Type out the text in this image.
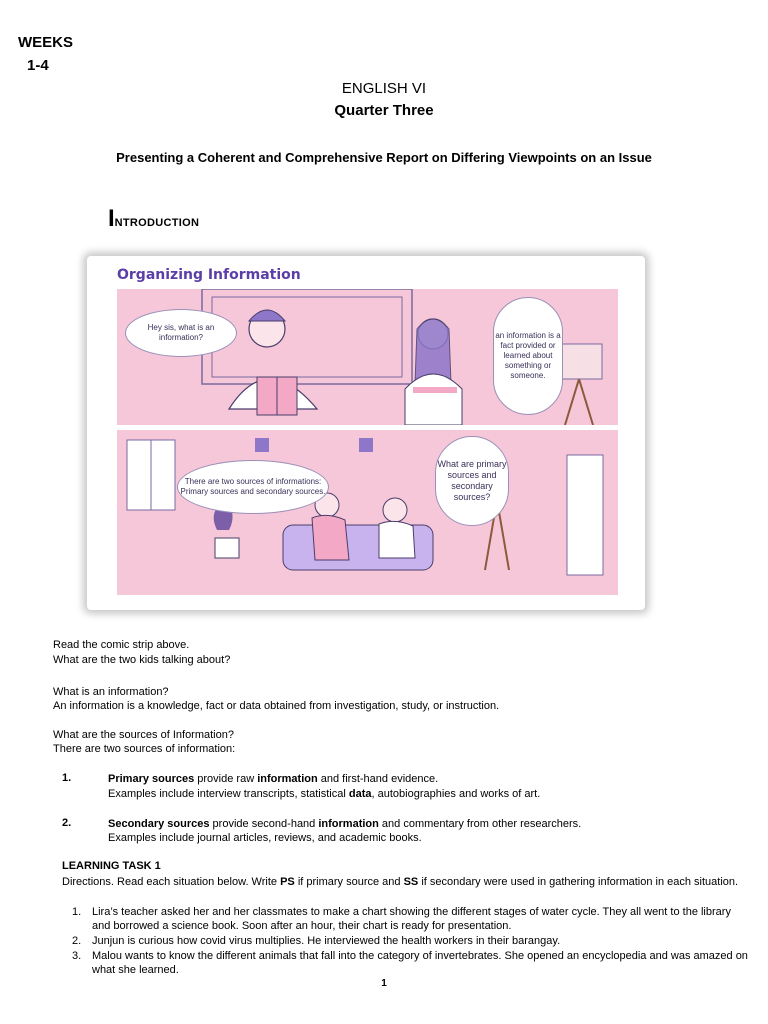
WEEKS
1-4
ENGLISH VI
Quarter Three
Presenting a Coherent and Comprehensive Report on Differing Viewpoints on an Issue
INTRODUCTION
Organizing Information
Hey sis, what is an information?	an information is a fact provided or learned about something or someone.
There are two sources of informations: Primary sources and secondary sources.
What are primary sources and secondary sources?
Read the comic strip above.
What are the two kids talking about?
What is an information?
An information is a knowledge, fact or data obtained from investigation, study, or instruction.
What are the sources of Information?
There are two sources of information:
1.	Primary sources provide raw information and first-hand evidence.
Examples include interview transcripts, statistical data, autobiographies and works of art.
2.	Secondary sources provide second-hand information and commentary from other researchers.
Examples include journal articles, reviews, and academic books.
LEARNING TASK 1
Directions. Read each situation below. Write PS if primary source and SS if secondary were used in gathering information in each situation.
1. Lira’s teacher asked her and her classmates to make a chart showing the different stages of water cycle. They all went to the library and borrowed a science book. Soon after an hour, their chart is ready for presentation.
2. Junjun is curious how covid virus multiplies. He interviewed the health workers in their barangay.
3. Malou wants to know the different animals that fall into the category of invertebrates. She opened an encyclopedia and was amazed on what she learned.
1
